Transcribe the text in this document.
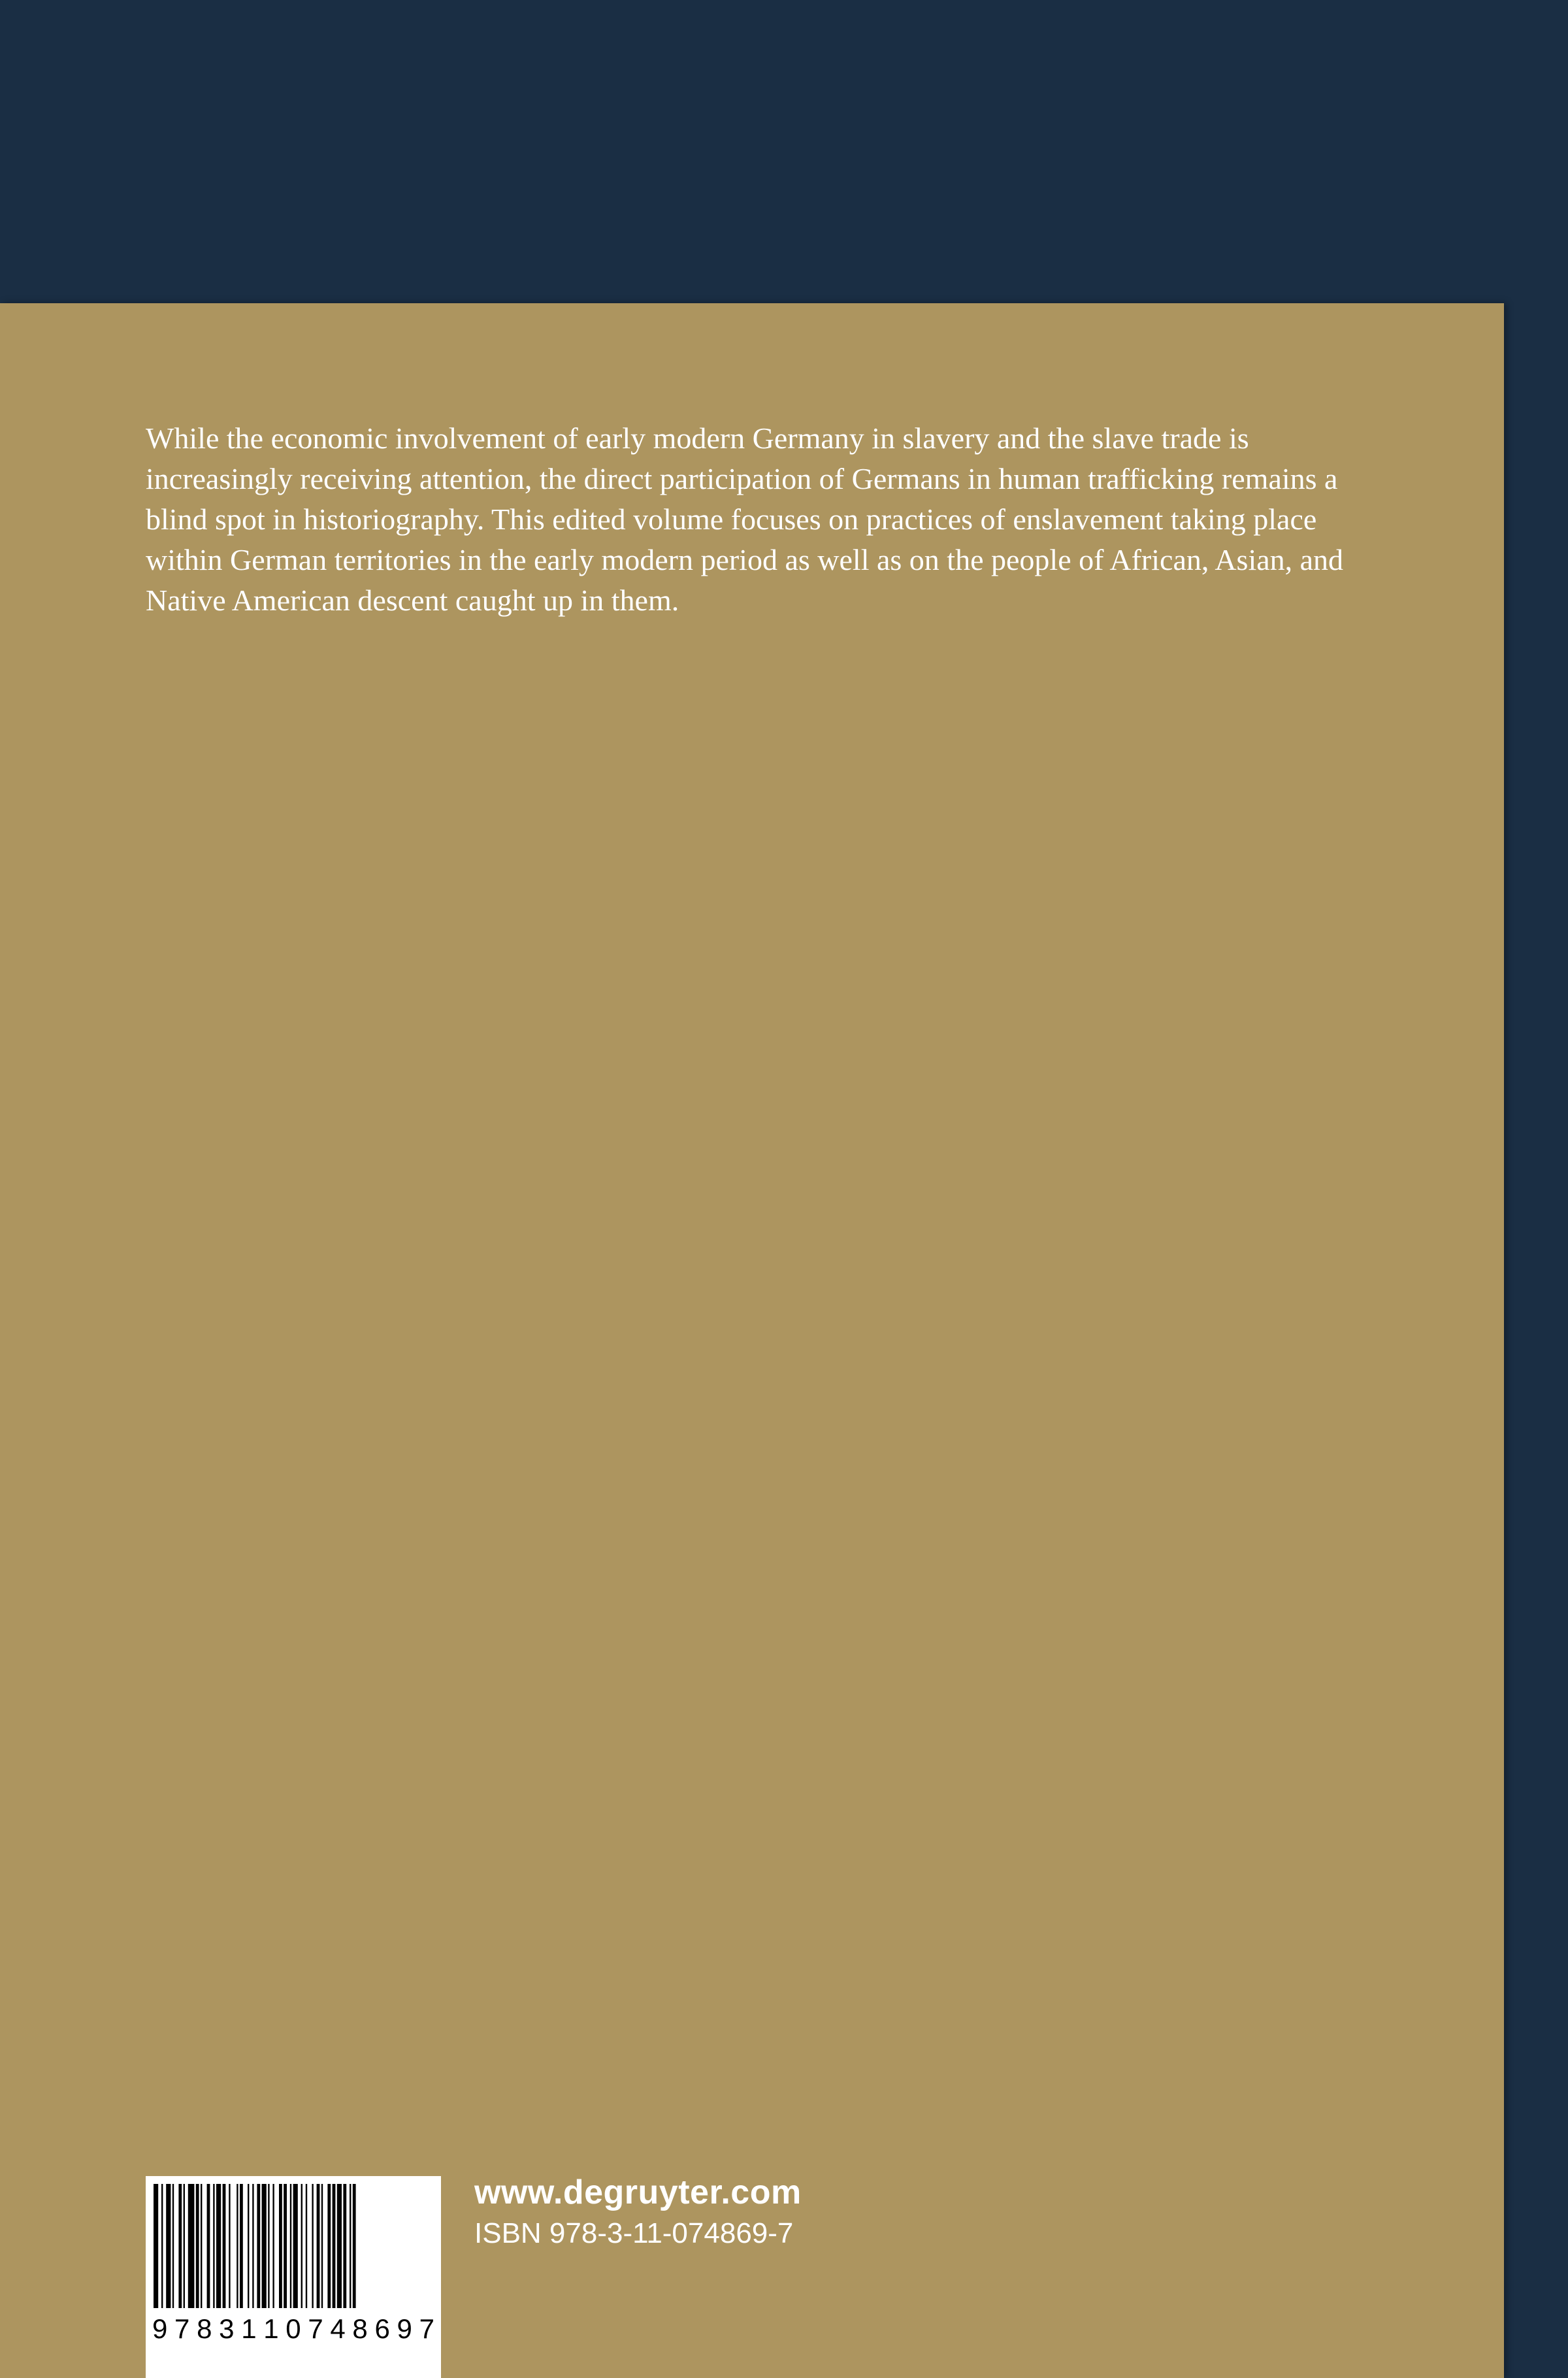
While the economic involvement of early modern Germany in slavery and the slave trade is increasingly receiving attention, the direct participation of Germans in human trafficking remains a blind spot in historiography. This edited volume focuses on practices of enslavement taking place within German territories in the early modern period as well as on the people of African, Asian, and Native American descent caught up in them.

9 7 8 3 1 1 0 7 4 8 6 9 7
www.degruyter.com
ISBN 978-3-11-074869-7
